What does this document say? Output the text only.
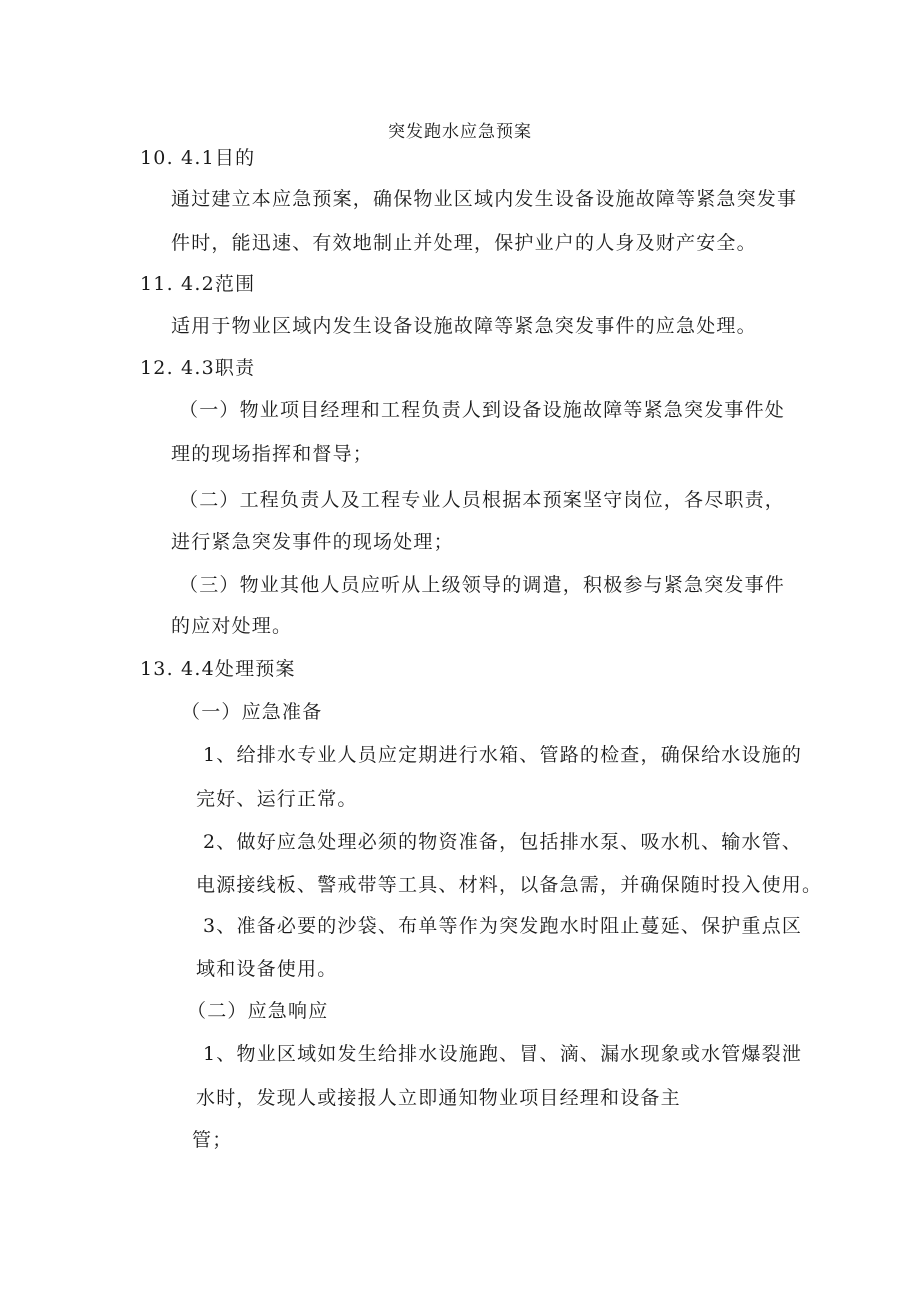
突发跑水应急预案
10. 4.1目的
通过建立本应急预案，确保物业区域内发生设备设施故障等紧急突发事
件时，能迅速、有效地制止并处理，保护业户的人身及财产安全。
11. 4.2范围
适用于物业区域内发生设备设施故障等紧急突发事件的应急处理。
12. 4.3职责
（一）物业项目经理和工程负责人到设备设施故障等紧急突发事件处
理的现场指挥和督导；
（二）工程负责人及工程专业人员根据本预案坚守岗位，各尽职责，
进行紧急突发事件的现场处理；
（三）物业其他人员应听从上级领导的调遣，积极参与紧急突发事件
的应对处理。
13. 4.4处理预案
（一）应急准备
1、给排水专业人员应定期进行水箱、管路的检查，确保给水设施的
完好、运行正常。
2、做好应急处理必须的物资准备，包括排水泵、吸水机、输水管、
电源接线板、警戒带等工具、材料，以备急需，并确保随时投入使用。
3、准备必要的沙袋、布单等作为突发跑水时阻止蔓延、保护重点区
域和设备使用。
（二）应急响应
1、物业区域如发生给排水设施跑、冒、滴、漏水现象或水管爆裂泄
水时，发现人或接报人立即通知物业项目经理和设备主
管；
